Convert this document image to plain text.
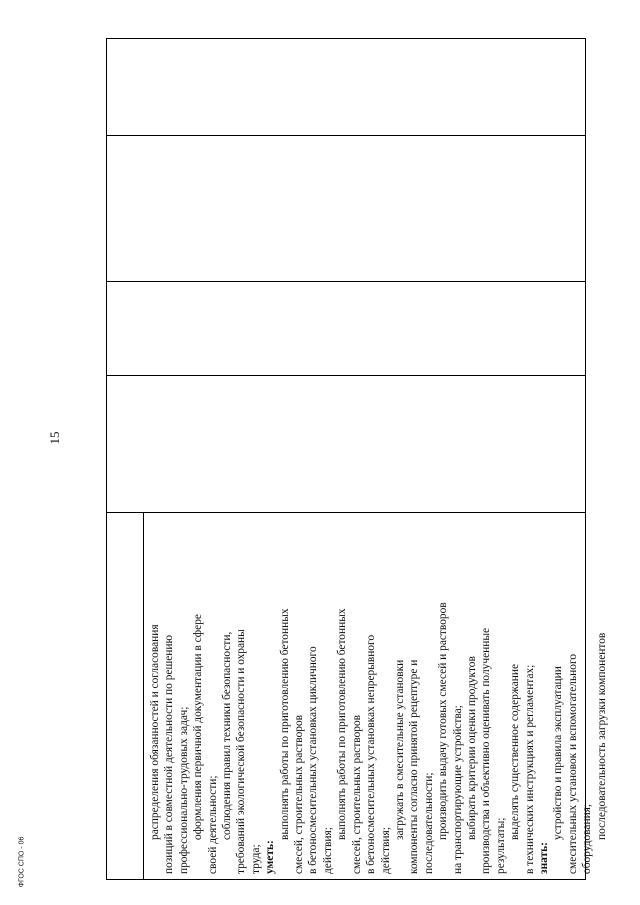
15
ФГОС СПО - 06

распределения обязанностей и согласования позиций в совместной деятельности по решению профессионально-трудовых задач; оформления первичной документации в сфере своей деятельности; соблюдения правил техники безопасности, требований экологической безопасности и охраны труда; уметь:

выполнять работы по приготовлению бетонных смесей, строительных растворов в бетоносмесительных установках цикличного действия;

выполнять работы по приготовлению бетонных смесей, строительных растворов в бетоносмесительных установках непрерывного действия;

загружать в смесительные установки компоненты согласно принятой рецептуре и последовательности; производить выдачу готовых смесей и растворов на транспортирующие устройства; выбирать критерии оценки продуктов производства и объективно оценивать полученные результаты;

выделять существенное содержание в технических инструкциях и регламентах; знать:

устройство и правила эксплуатации смесительных установок и вспомогательного оборудования; последовательность загрузки компонентов
